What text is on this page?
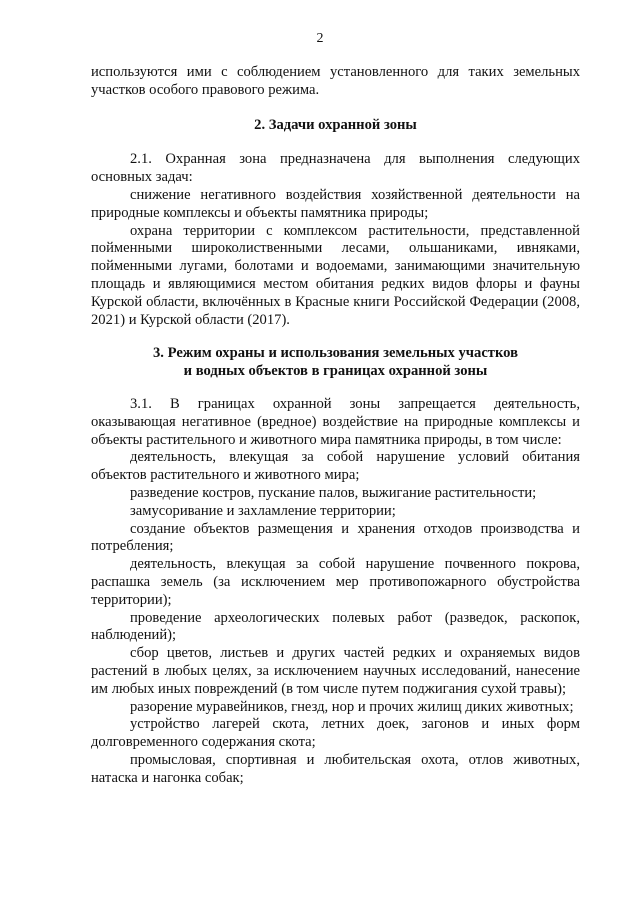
2

используются ими с соблюдением установленного для таких земельных участков особого правового режима.

2. Задачи охранной зоны

2.1. Охранная зона предназначена для выполнения следующих основных задач:

снижение негативного воздействия хозяйственной деятельности на природные комплексы и объекты памятника природы;

охрана территории с комплексом растительности, представленной пойменными широколиственными лесами, ольшаниками, ивняками, пойменными лугами, болотами и водоемами, занимающими значительную площадь и являющимися местом обитания редких видов флоры и фауны Курской области, включённых в Красные книги Российской Федерации (2008, 2021) и Курской области (2017).

3. Режим охраны и использования земельных участков
и водных объектов в границах охранной зоны

3.1. В границах охранной зоны запрещается деятельность, оказывающая негативное (вредное) воздействие на природные комплексы и объекты растительного и животного мира памятника природы, в том числе:

деятельность, влекущая за собой нарушение условий обитания объектов растительного и животного мира;

разведение костров, пускание палов, выжигание растительности;

замусоривание и захламление территории;

создание объектов размещения и хранения отходов производства и потребления;

деятельность, влекущая за собой нарушение почвенного покрова, распашка земель (за исключением мер противопожарного обустройства территории);

проведение археологических полевых работ (разведок, раскопок, наблюдений);

сбор цветов, листьев и других частей редких и охраняемых видов растений в любых целях, за исключением научных исследований, нанесение им любых иных повреждений (в том числе путем поджигания сухой травы);

разорение муравейников, гнезд, нор и прочих жилищ диких животных;

устройство лагерей скота, летних доек, загонов и иных форм долговременного содержания скота;

промысловая, спортивная и любительская охота, отлов животных, натаска и нагонка собак;
